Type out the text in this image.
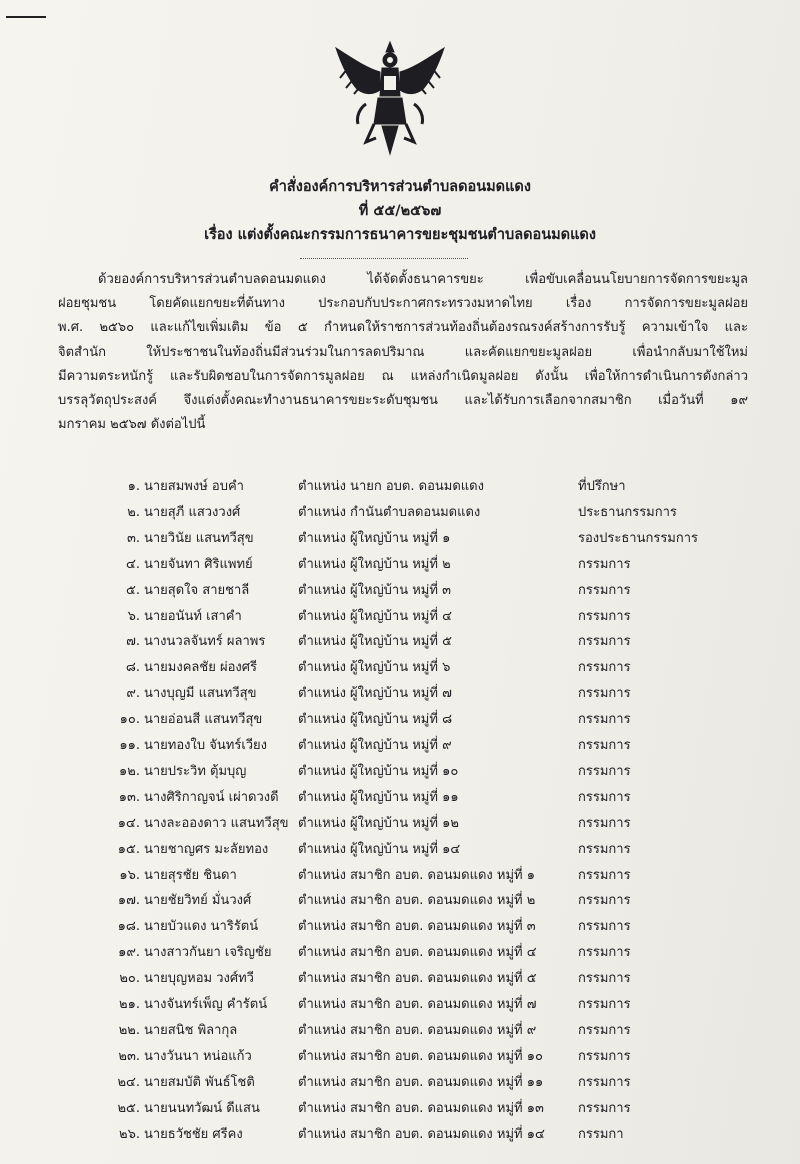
คำสั่งองค์การบริหารส่วนตำบลดอนมดแดง
ที่ ๕๕/๒๕๖๗
เรื่อง แต่งตั้งคณะกรรมการธนาคารขยะชุมชนตำบลดอนมดแดง
ด้วยองค์การบริหารส่วนตำบลดอนมดแดง ได้จัดตั้งธนาคารขยะ เพื่อขับเคลื่อนนโยบายการจัดการขยะมูล
ฝอยชุมชน โดยคัดแยกขยะที่ต้นทาง ประกอบกับประกาศกระทรวงมหาดไทย เรื่อง การจัดการขยะมูลฝอย
พ.ศ. ๒๕๖๐ และแก้ไขเพิ่มเติม ข้อ ๕ กำหนดให้ราชการส่วนท้องถิ่นต้องรณรงค์สร้างการรับรู้ ความเข้าใจ และ
จิตสำนัก ให้ประชาชนในท้องถิ่นมีส่วนร่วมในการลดปริมาณ และคัดแยกขยะมูลฝอย เพื่อนำกลับมาใช้ใหม่
มีความตระหนักรู้ และรับผิดชอบในการจัดการมูลฝอย ณ แหล่งกำเนิดมูลฝอย ดังนั้น เพื่อให้การดำเนินการดังกล่าว
บรรลุวัตถุประสงค์ จึงแต่งตั้งคณะทำงานธนาคารขยะระดับชุมชน และได้รับการเลือกจากสมาชิก เมื่อวันที่ ๑๙
มกราคม ๒๕๖๗ ดังต่อไปนี้
๑. นายสมพงษ์ อบคำ	ตำแหน่ง นายก อบต. ดอนมดแดง	ที่ปรึกษา
๒. นายสุภี แสวงวงศ์	ตำแหน่ง กำนันตำบลดอนมดแดง	ประธานกรรมการ
๓. นายวินัย แสนทวีสุข	ตำแหน่ง ผู้ใหญ่บ้าน หมู่ที่ ๑	รองประธานกรรมการ
๔. นายจันทา ศิริแพทย์	ตำแหน่ง ผู้ใหญ่บ้าน หมู่ที่ ๒	กรรมการ
๕. นายสุดใจ สายชาลี	ตำแหน่ง ผู้ใหญ่บ้าน หมู่ที่ ๓	กรรมการ
๖. นายอนันท์ เสาคำ	ตำแหน่ง ผู้ใหญ่บ้าน หมู่ที่ ๔	กรรมการ
๗. นางนวลจันทร์ ผลาพร	ตำแหน่ง ผู้ใหญ่บ้าน หมู่ที่ ๕	กรรมการ
๘. นายมงคลชัย ผ่องศรี	ตำแหน่ง ผู้ใหญ่บ้าน หมู่ที่ ๖	กรรมการ
๙. นางบุญมี แสนทวีสุข	ตำแหน่ง ผู้ใหญ่บ้าน หมู่ที่ ๗	กรรมการ
๑๐. นายอ่อนสี แสนทวีสุข	ตำแหน่ง ผู้ใหญ่บ้าน หมู่ที่ ๘	กรรมการ
๑๑. นายทองใบ จันทร์เวียง	ตำแหน่ง ผู้ใหญ่บ้าน หมู่ที่ ๙	กรรมการ
๑๒. นายประวิท ตุ้มบุญ	ตำแหน่ง ผู้ใหญ่บ้าน หมู่ที่ ๑๐	กรรมการ
๑๓. นางศิริกาญจน์ เผ่าดวงดี	ตำแหน่ง ผู้ใหญ่บ้าน หมู่ที่ ๑๑	กรรมการ
๑๔. นางละอองดาว แสนทวีสุข ตำแหน่ง ผู้ใหญ่บ้าน หมู่ที่ ๑๒	กรรมการ
๑๕. นายชาญศร มะลัยทอง	ตำแหน่ง ผู้ใหญ่บ้าน หมู่ที่ ๑๔	กรรมการ
๑๖. นายสุรชัย ชินดา	ตำแหน่ง สมาชิก อบต. ดอนมดแดง หมู่ที่ ๑	กรรมการ
๑๗. นายชัยวิทย์ มั่นวงศ์	ตำแหน่ง สมาชิก อบต. ดอนมดแดง หมู่ที่ ๒	กรรมการ
๑๘. นายบัวแดง นาริรัตน์	ตำแหน่ง สมาชิก อบต. ดอนมดแดง หมู่ที่ ๓	กรรมการ
๑๙. นางสาวกันยา เจริญชัย	ตำแหน่ง สมาชิก อบต. ดอนมดแดง หมู่ที่ ๔	กรรมการ
๒๐. นายบุญหอม วงศ์ทวี	ตำแหน่ง สมาชิก อบต. ดอนมดแดง หมู่ที่ ๕	กรรมการ
๒๑. นางจันทร์เพ็ญ คำรัตน์	ตำแหน่ง สมาชิก อบต. ดอนมดแดง หมู่ที่ ๗	กรรมการ
๒๒. นายสนิช พิลากุล	ตำแหน่ง สมาชิก อบต. ดอนมดแดง หมู่ที่ ๙	กรรมการ
๒๓. นางวันนา หน่อแก้ว	ตำแหน่ง สมาชิก อบต. ดอนมดแดง หมู่ที่ ๑๐	กรรมการ
๒๔. นายสมบัติ พันธ์โชติ	ตำแหน่ง สมาชิก อบต. ดอนมดแดง หมู่ที่ ๑๑	กรรมการ
๒๕. นายนนทวัฒน์ ดีแสน	ตำแหน่ง สมาชิก อบต. ดอนมดแดง หมู่ที่ ๑๓	กรรมการ
๒๖. นายธวัชชัย ศรีคง	ตำแหน่ง สมาชิก อบต. ดอนมดแดง หมู่ที่ ๑๔	กรรมกา
